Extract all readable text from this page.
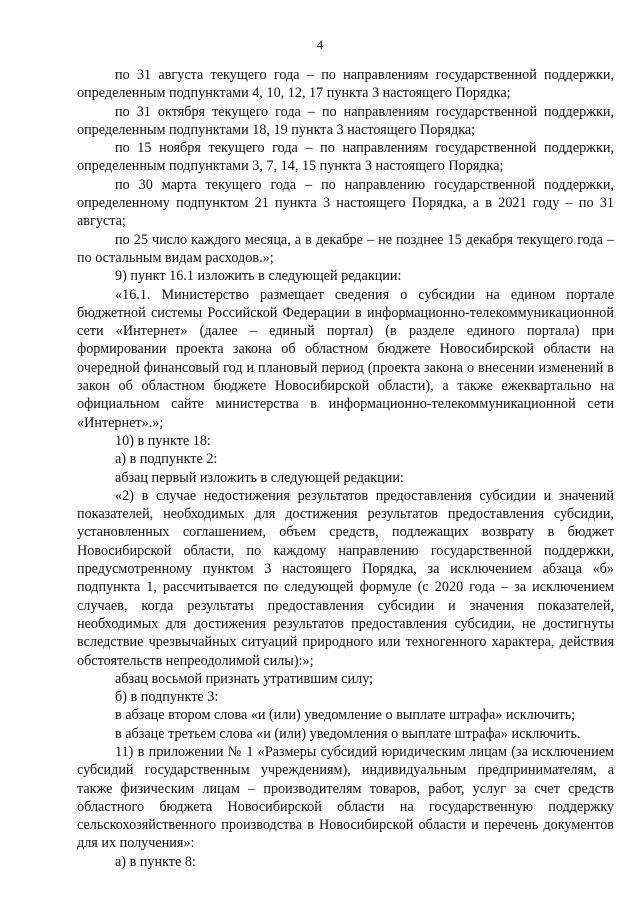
4

по 31 августа текущего года – по направлениям государственной поддержки, определенным подпунктами 4, 10, 12, 17 пункта 3 настоящего Порядка;

по 31 октября текущего года – по направлениям государственной поддержки, определенным подпунктами 18, 19 пункта 3 настоящего Порядка;

по 15 ноября текущего года – по направлениям государственной поддержки, определенным подпунктами 3, 7, 14, 15 пункта 3 настоящего Порядка;

по 30 марта текущего года – по направлению государственной поддержки, определенному подпунктом 21 пункта 3 настоящего Порядка, а в 2021 году – по 31 августа;

по 25 число каждого месяца, а в декабре – не позднее 15 декабря текущего года – по остальным видам расходов.»;

9) пункт 16.1 изложить в следующей редакции:

«16.1. Министерство размещает сведения о субсидии на едином портале бюджетной системы Российской Федерации в информационно-телекоммуникационной сети «Интернет» (далее – единый портал) (в разделе единого портала) при формировании проекта закона об областном бюджете Новосибирской области на очередной финансовый год и плановый период (проекта закона о внесении изменений в закон об областном бюджете Новосибирской области), а также ежеквартально на официальном сайте министерства в информационно-телекоммуникационной сети «Интернет».»;

10) в пункте 18:

а) в подпункте 2:

абзац первый изложить в следующей редакции:

«2) в случае недостижения результатов предоставления субсидии и значений показателей, необходимых для достижения результатов предоставления субсидии, установленных соглашением, объем средств, подлежащих возврату в бюджет Новосибирской области, по каждому направлению государственной поддержки, предусмотренному пунктом 3 настоящего Порядка, за исключением абзаца «б» подпункта 1, рассчитывается по следующей формуле (с 2020 года – за исключением случаев, когда результаты предоставления субсидии и значения показателей, необходимых для достижения результатов предоставления субсидии, не достигнуты вследствие чрезвычайных ситуаций природного или техногенного характера, действия обстоятельств непреодолимой силы):»;

абзац восьмой признать утратившим силу;

б) в подпункте 3:

в абзаце втором слова «и (или) уведомление о выплате штрафа» исключить;

в абзаце третьем слова «и (или) уведомления о выплате штрафа» исключить.

11) в приложении № 1 «Размеры субсидий юридическим лицам (за исключением субсидий государственным учреждениям), индивидуальным предпринимателям, а также физическим лицам – производителям товаров, работ, услуг за счет средств областного бюджета Новосибирской области на государственную поддержку сельскохозяйственного производства в Новосибирской области и перечень документов для их получения»:

а) в пункте 8:
